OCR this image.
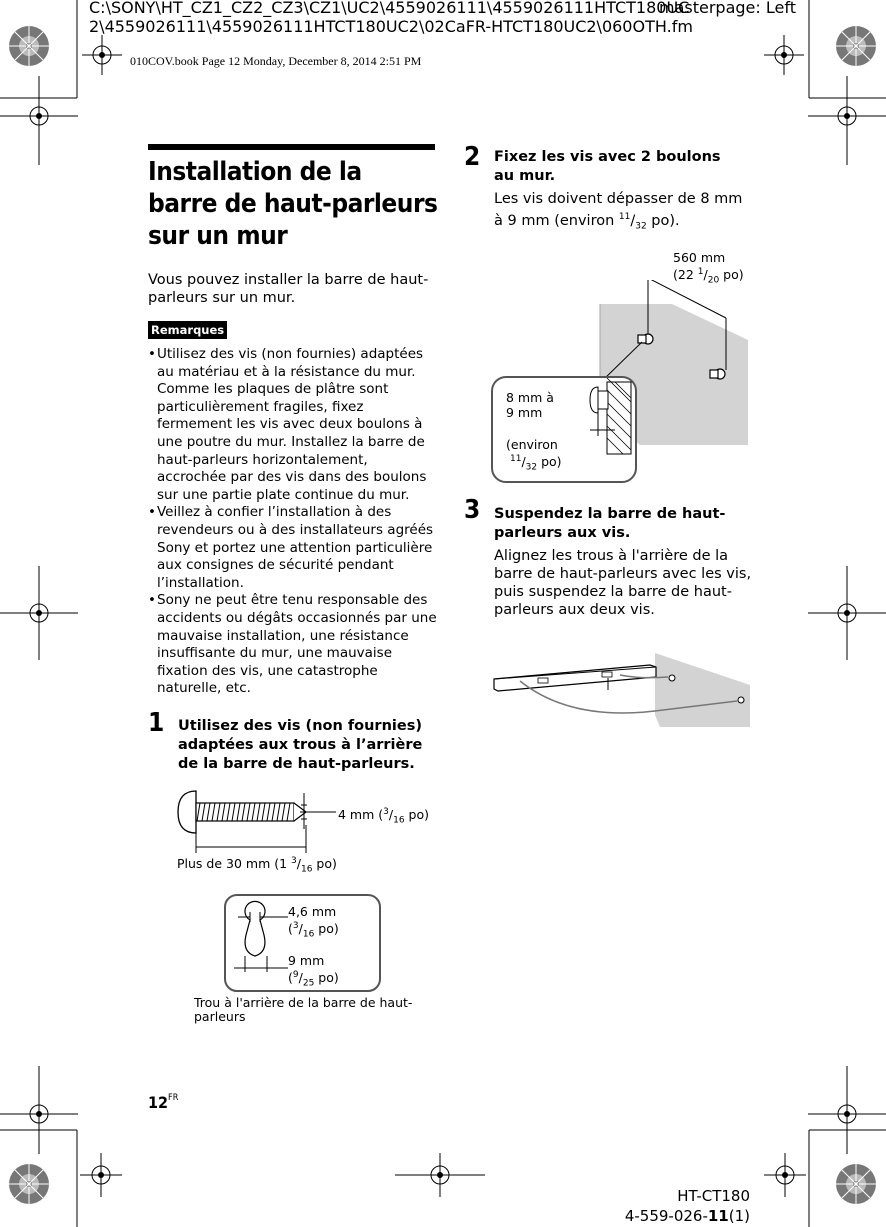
C:\SONY\HT_CZ1_CZ2_CZ3\CZ1\UC2\4559026111\4559026111HTCT180UC
masterpage: Left
2\4559026111\4559026111HTCT180UC2\02CaFR-HTCT180UC2\060OTH.fm
010COV.book Page 12 Monday, December 8, 2014 2:51 PM
Installation de la barre de haut-parleurs sur un mur
Vous pouvez installer la barre de haut-parleurs sur un mur.
Remarques
• Utilisez des vis (non fournies) adaptées au matériau et à la résistance du mur. Comme les plaques de plâtre sont particulièrement fragiles, fixez fermement les vis avec deux boulons à une poutre du mur. Installez la barre de haut-parleurs horizontalement, accrochée par des vis dans des boulons sur une partie plate continue du mur.
• Veillez à confier l’installation à des revendeurs ou à des installateurs agréés Sony et portez une attention particulière aux consignes de sécurité pendant l’installation.
• Sony ne peut être tenu responsable des accidents ou dégâts occasionnés par une mauvaise installation, une résistance insuffisante du mur, une mauvaise fixation des vis, une catastrophe naturelle, etc.
1 Utilisez des vis (non fournies) adaptées aux trous à l’arrière de la barre de haut-parleurs.
4 mm ($^3/_{16}$ po)
Plus de 30 mm (1 $^3/_{16}$ po)
4,6 mm
($^3/_{16}$ po)
9 mm
($^9/_{25}$ po)
Trou à l'arrière de la barre de haut-parleurs
2 Fixez les vis avec 2 boulons au mur.
Les vis doivent dépasser de 8 mm à 9 mm (environ $^{11}/_{32}$ po).
560 mm
(22 $^1/_{20}$ po)
8 mm à
9 mm
(environ
$^{11}/_{32}$ po)
3 Suspendez la barre de haut-parleurs aux vis.
Alignez les trous à l'arrière de la barre de haut-parleurs avec les vis, puis suspendez la barre de haut-parleurs aux deux vis.
$12^{FR}$
HT-CT180
4-559-026-11(1)
